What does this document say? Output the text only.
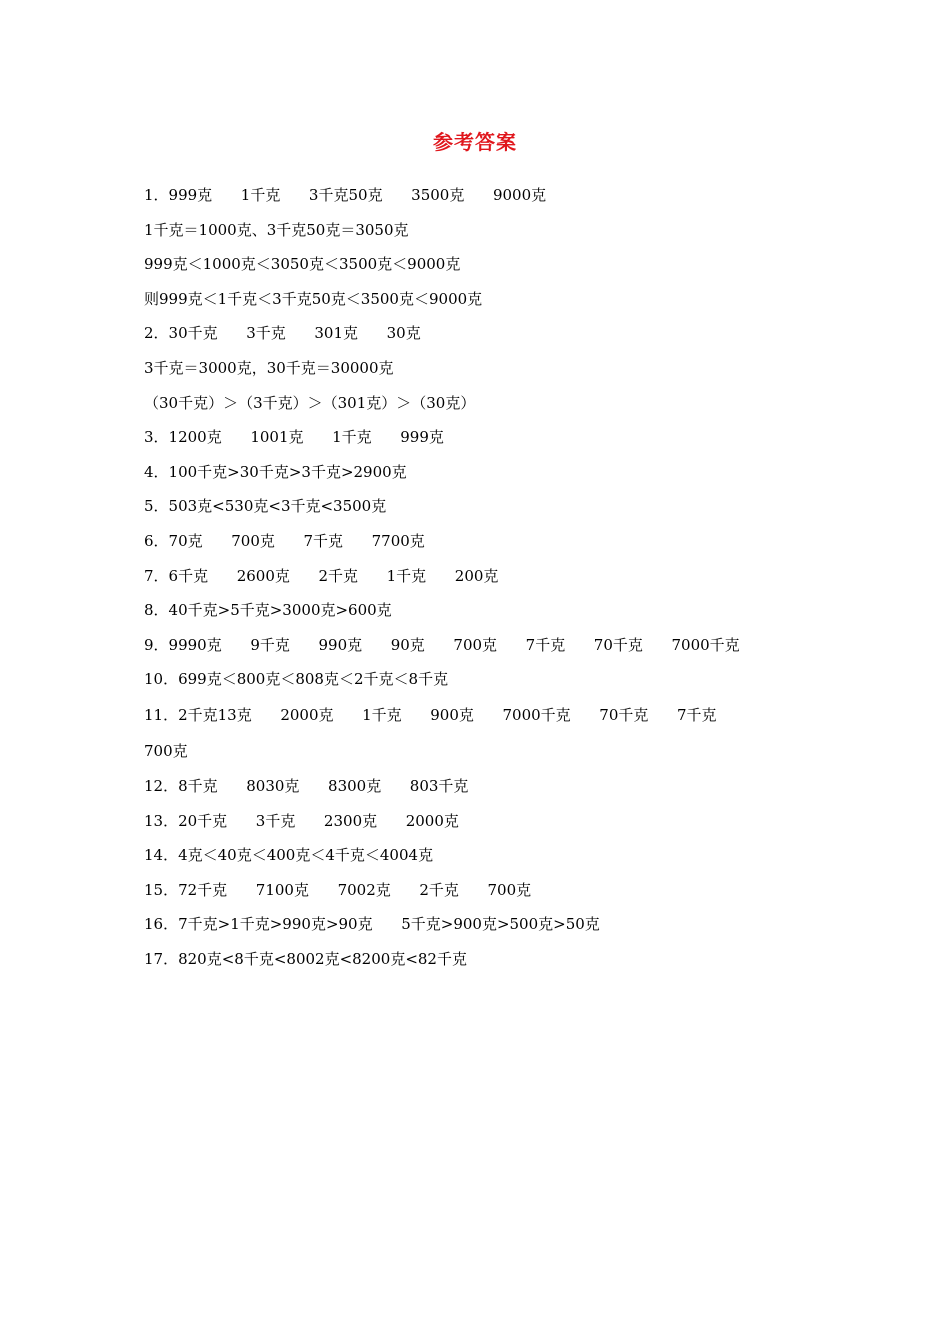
参考答案
1．999克      1千克      3千克50克      3500克      9000克
1千克＝1000克、3千克50克＝3050克
999克＜1000克＜3050克＜3500克＜9000克
则999克＜1千克＜3千克50克＜3500克＜9000克
2．30千克      3千克      301克      30克
3千克＝3000克，30千克＝30000克
（30千克）＞（3千克）＞（301克）＞（30克）
3．1200克      1001克      1千克      999克
4．100千克>30千克>3千克>2900克
5．503克<530克<3千克<3500克
6．70克      700克      7千克      7700克
7．6千克      2600克      2千克      1千克      200克
8．40千克>5千克>3000克>600克
9．9990克      9千克      990克      90克      700克      7千克      70千克      7000千克
10．699克＜800克＜808克＜2千克＜8千克
11．2千克13克      2000克      1千克      900克      7000千克      70千克      7千克
700克
12．8千克      8030克      8300克      803千克
13．20千克      3千克      2300克      2000克
14．4克＜40克＜400克＜4千克＜4004克
15．72千克      7100克      7002克      2千克      700克
16．7千克>1千克>990克>90克      5千克>900克>500克>50克
17．820克<8千克<8002克<8200克<82千克
